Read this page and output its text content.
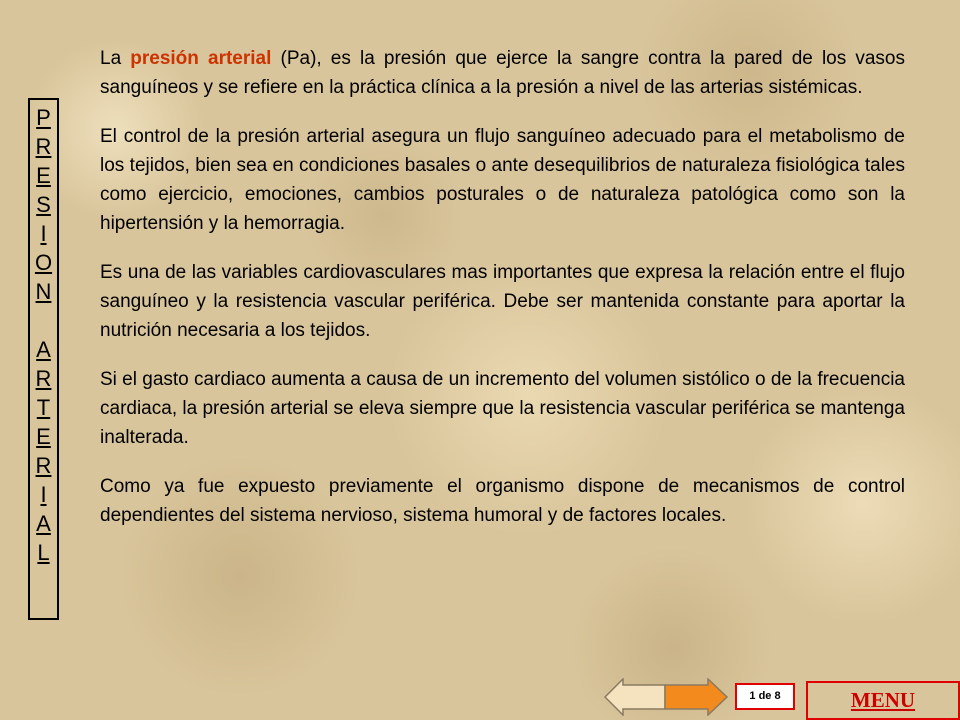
P
R
E
S
I
O
N
A
R
T
E
R
I
A
L

La presión arterial (Pa), es la presión que ejerce la sangre contra la pared de los vasos sanguíneos y se refiere en la práctica clínica a la presión a nivel de las arterias sistémicas.

El control de la presión arterial asegura un flujo sanguíneo adecuado para el metabolismo de los tejidos, bien sea en condiciones basales o ante desequilibrios de naturaleza fisiológica tales como ejercicio, emociones, cambios posturales o de naturaleza patológica como son la hipertensión y la hemorragia.

Es una de las variables cardiovasculares mas importantes que expresa la relación entre el flujo sanguíneo y la resistencia vascular periférica. Debe ser mantenida constante para aportar la nutrición necesaria a los tejidos.

Si el gasto cardiaco aumenta a causa de un incremento del volumen sistólico o de la frecuencia cardiaca, la presión arterial se eleva siempre que la resistencia vascular periférica se mantenga inalterada.

Como ya fue expuesto previamente el organismo dispone de mecanismos de control dependientes del sistema nervioso, sistema humoral y de factores locales.

1 de 8	MENU
